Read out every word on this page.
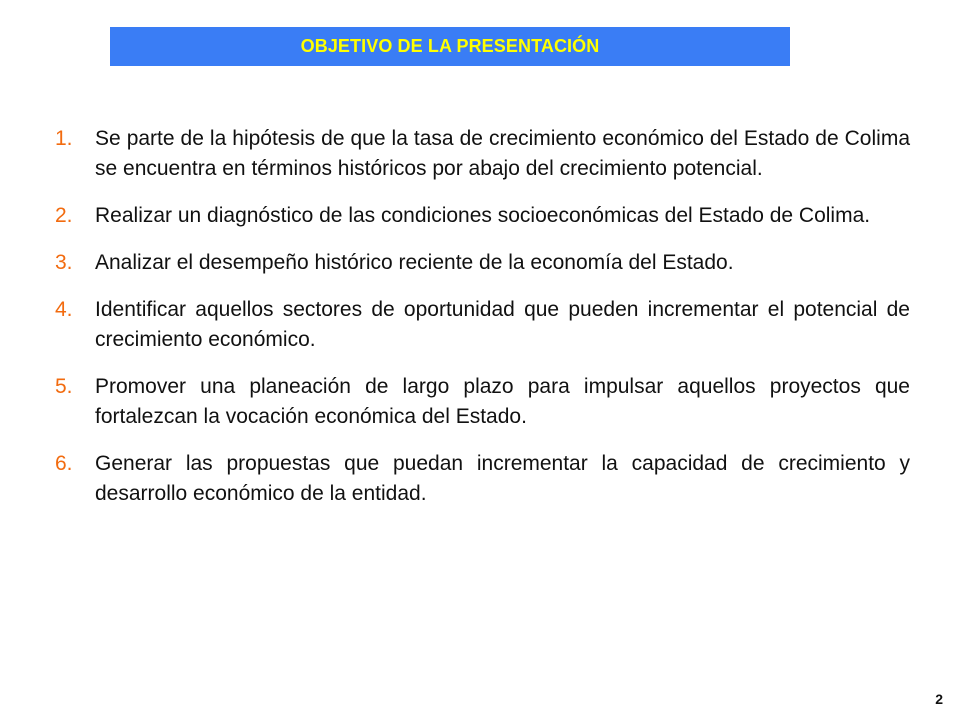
OBJETIVO DE LA PRESENTACIÓN
1.	Se parte de la hipótesis de que la tasa de crecimiento económico del Estado de Colima se encuentra en términos históricos por abajo del crecimiento potencial.
2.	Realizar un diagnóstico de las condiciones socioeconómicas del Estado de Colima.
3.	Analizar el desempeño histórico reciente de la economía del Estado.
4.	Identificar aquellos sectores de oportunidad que pueden incrementar el potencial de crecimiento económico.
5.	Promover una planeación de largo plazo para impulsar aquellos proyectos que fortalezcan la vocación económica del Estado.
6.	Generar las propuestas que puedan incrementar la capacidad de crecimiento y desarrollo económico de la entidad.
2
